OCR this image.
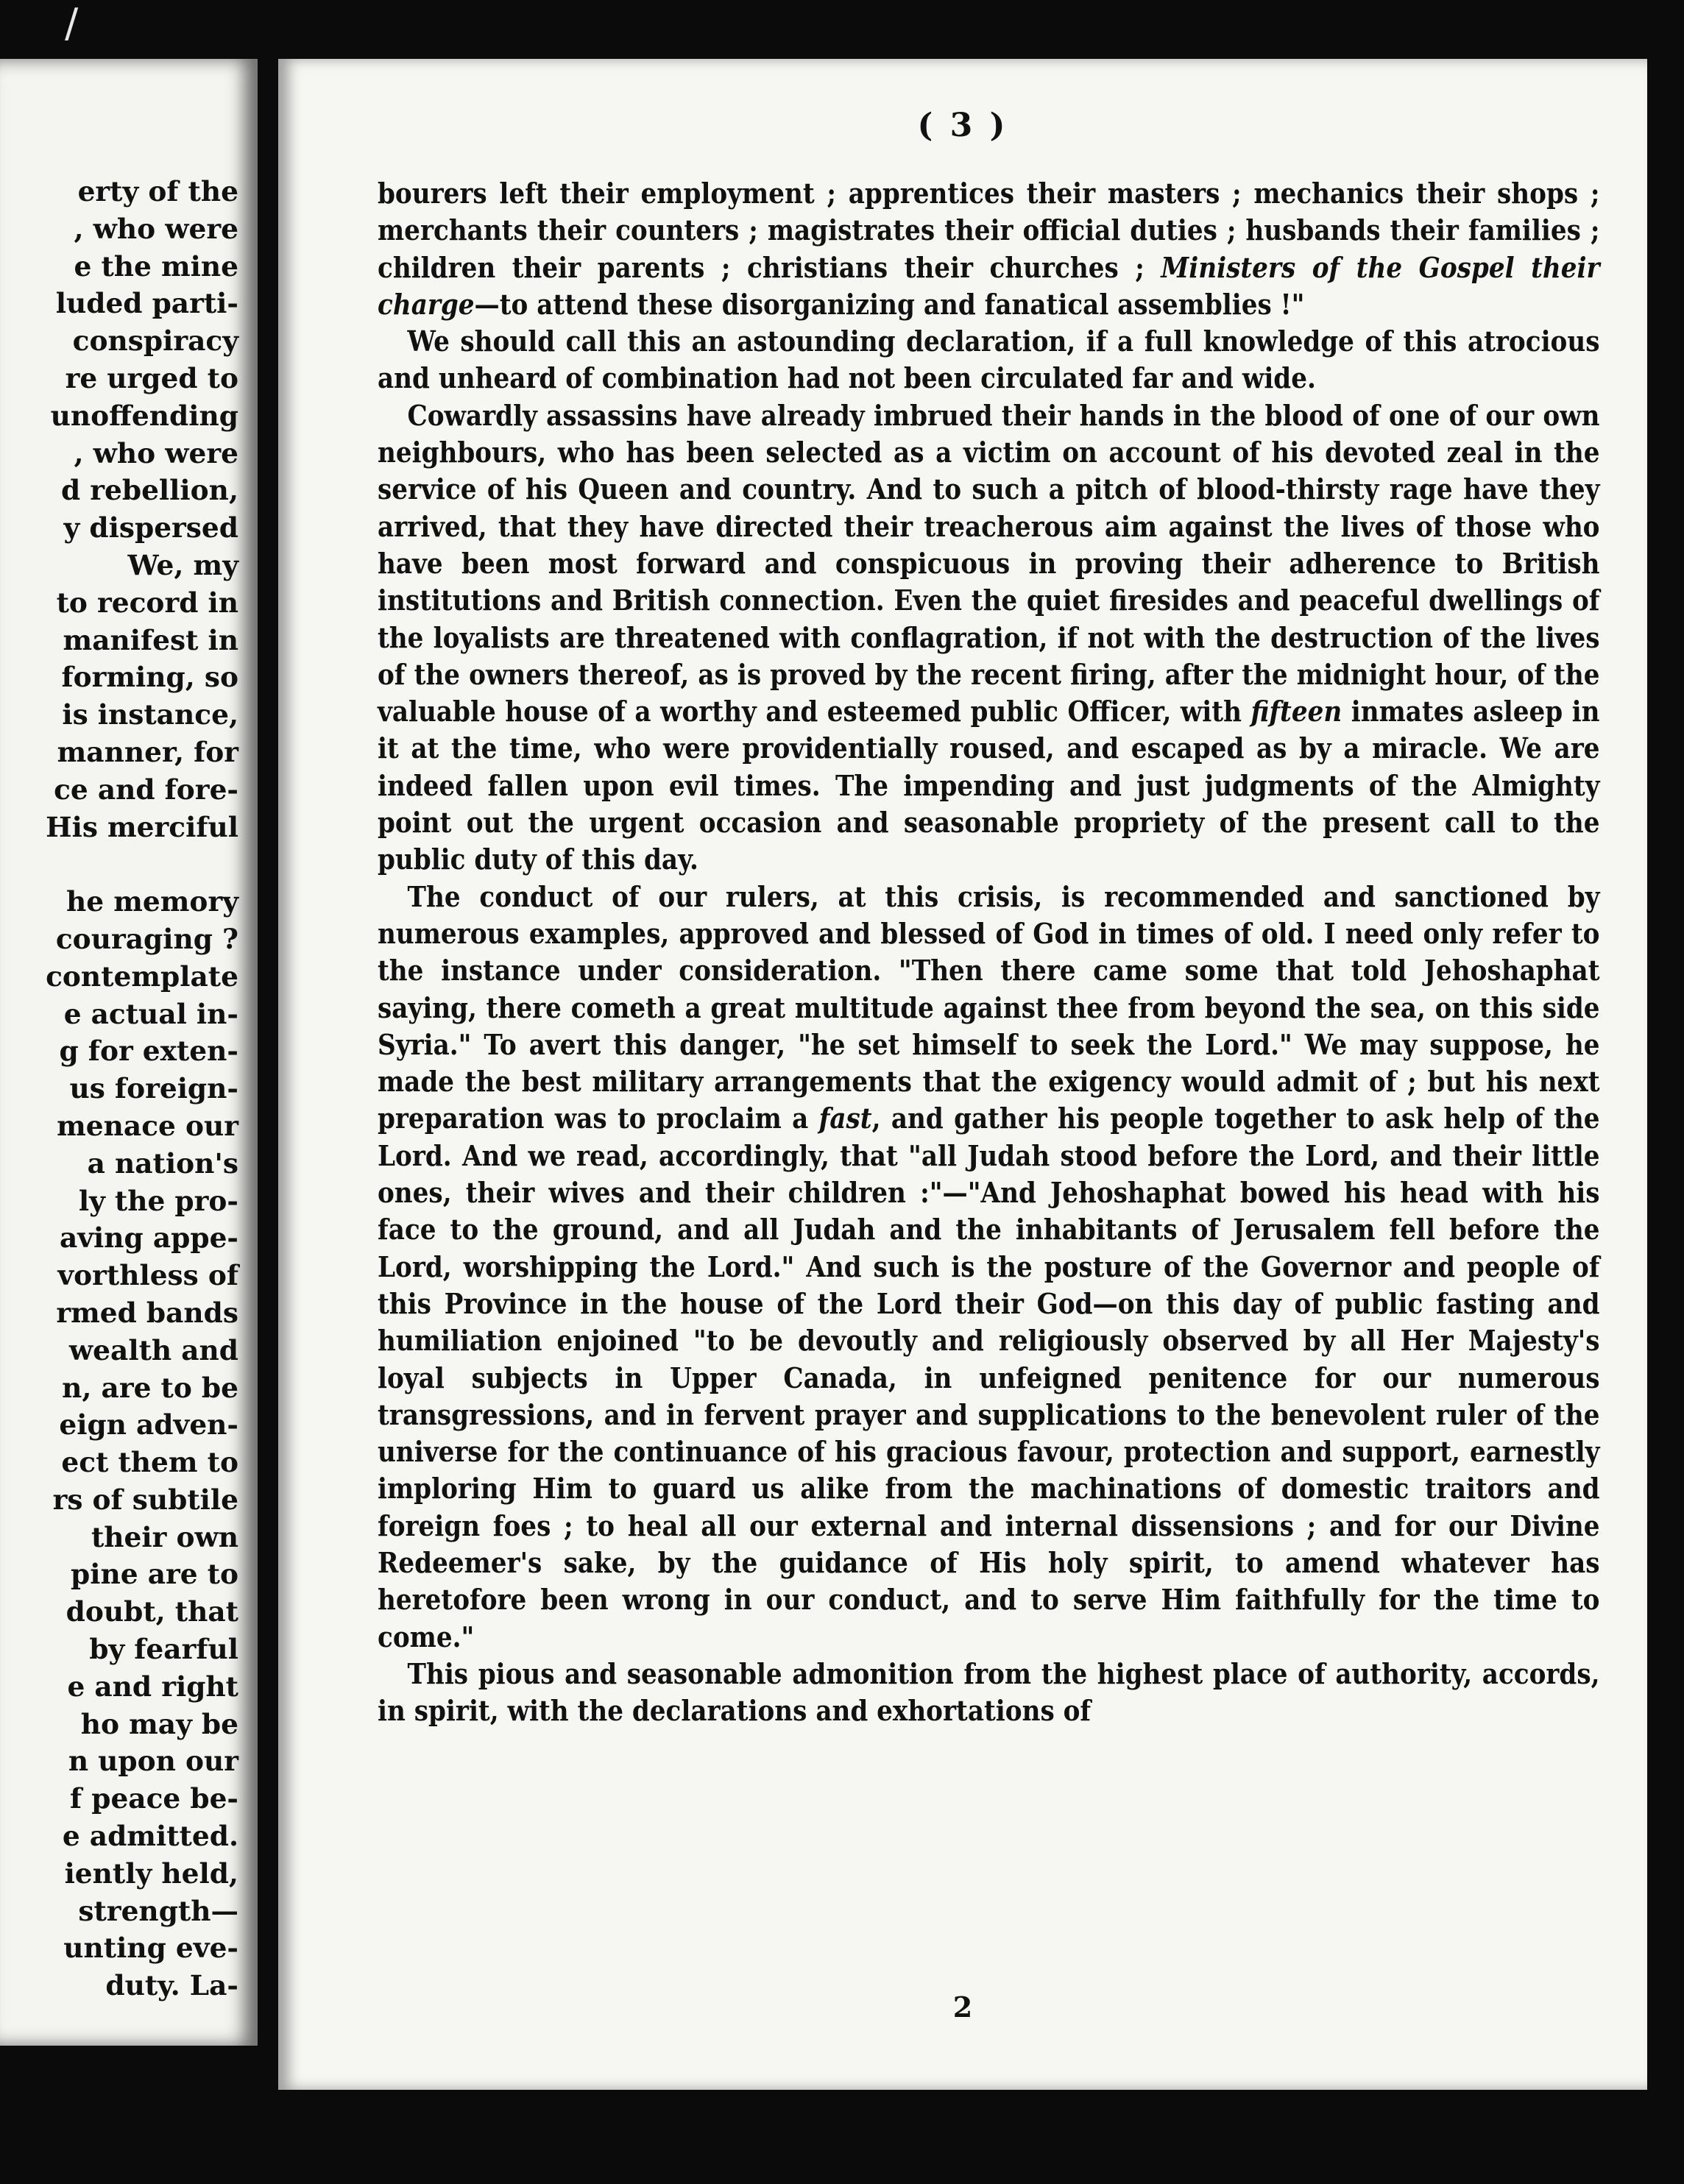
/
erty of the
, who were
e the mine
luded parti-
conspiracy
re urged to
unoffending
, who were
d rebellion,
y dispersed
We, my
to record in
manifest in
forming, so
is instance,
manner, for
ce and fore-
His merciful

he memory
couraging ?
contemplate
e actual in-
g for exten-
us foreign-
menace our
a nation's
ly the pro-
aving appe-
vorthless of
rmed bands
wealth and
n, are to be
eign adven-
ect them to
rs of subtile
their own
pine are to
doubt, that
by fearful
e and right
ho may be
n upon our
f peace be-
e admitted.
iently held,
strength—
unting eve-
duty. La-
( 3 )

bourers left their employment ; apprentices their masters ; mechanics their shops ; merchants their counters ; magistrates their official duties ; husbands their families ; children their parents ; christians their churches ; Ministers of the Gospel their charge—to attend these disorganizing and fanatical assemblies !"

We should call this an astounding declaration, if a full knowledge of this atrocious and unheard of combination had not been circulated far and wide.

Cowardly assassins have already imbrued their hands in the blood of one of our own neighbours, who has been selected as a victim on account of his devoted zeal in the service of his Queen and country. And to such a pitch of blood-thirsty rage have they arrived, that they have directed their treacherous aim against the lives of those who have been most forward and conspicuous in proving their adherence to British institutions and British connection. Even the quiet firesides and peaceful dwellings of the loyalists are threatened with conflagration, if not with the destruction of the lives of the owners thereof, as is proved by the recent firing, after the midnight hour, of the valuable house of a worthy and esteemed public Officer, with fifteen inmates asleep in it at the time, who were providentially roused, and escaped as by a miracle. We are indeed fallen upon evil times. The impending and just judgments of the Almighty point out the urgent occasion and seasonable propriety of the present call to the public duty of this day.

The conduct of our rulers, at this crisis, is recommended and sanctioned by numerous examples, approved and blessed of God in times of old. I need only refer to the instance under consideration. "Then there came some that told Jehoshaphat saying, there cometh a great multitude against thee from beyond the sea, on this side Syria." To avert this danger, "he set himself to seek the Lord." We may suppose, he made the best military arrangements that the exigency would admit of ; but his next preparation was to proclaim a fast, and gather his people together to ask help of the Lord. And we read, accordingly, that "all Judah stood before the Lord, and their little ones, their wives and their children :"—"And Jehoshaphat bowed his head with his face to the ground, and all Judah and the inhabitants of Jerusalem fell before the Lord, worshipping the Lord." And such is the posture of the Governor and people of this Province in the house of the Lord their God—on this day of public fasting and humiliation enjoined "to be devoutly and religiously observed by all Her Majesty's loyal subjects in Upper Canada, in unfeigned penitence for our numerous transgressions, and in fervent prayer and supplications to the benevolent ruler of the universe for the continuance of his gracious favour, protection and support, earnestly imploring Him to guard us alike from the machinations of domestic traitors and foreign foes ; to heal all our external and internal dissensions ; and for our Divine Redeemer's sake, by the guidance of His holy spirit, to amend whatever has heretofore been wrong in our conduct, and to serve Him faithfully for the time to come."

This pious and seasonable admonition from the highest place of authority, accords, in spirit, with the declarations and exhortations of

2
